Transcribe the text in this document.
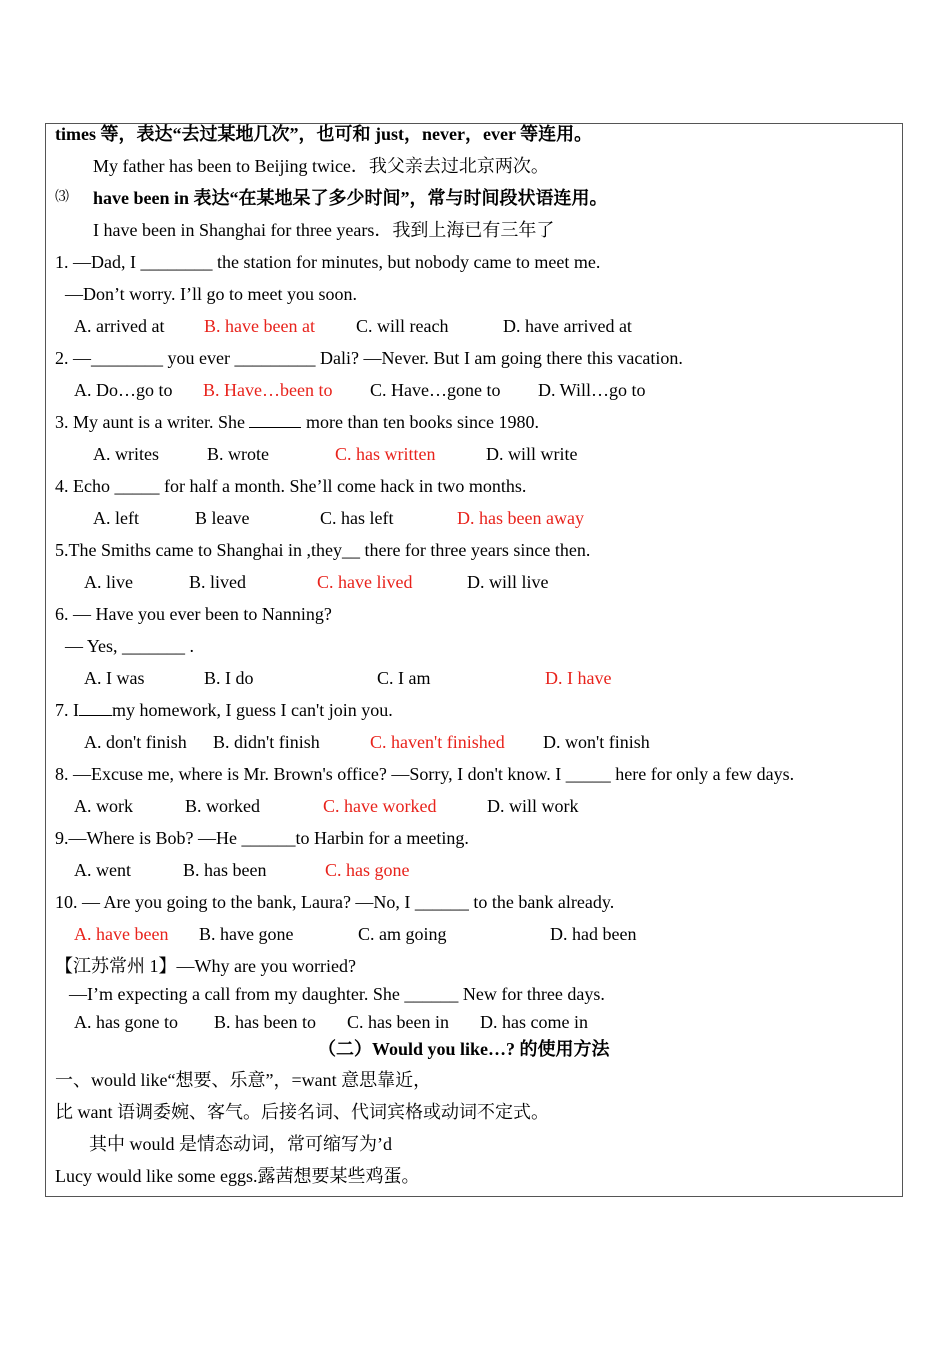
times 等，表达“去过某地几次”，也可和 just，never，ever 等连用。
My father has been to Beijing twice．我父亲去过北京两次。
⑶ have been in 表达“在某地呆了多少时间”，常与时间段状语连用。
I have been in Shanghai for three years．我到上海已有三年了
1. —Dad, I ________ the station for minutes, but nobody came to meet me.
—Don’t worry. I’ll go to meet you soon.
A. arrived at B. have been at C. will reach	D. have arrived at
2. —________ you ever _________ Dali? —Never. But I am going there this vacation.
A. Do…go to B. Have…been to C. Have…gone to D. Will…go to
3. My aunt is a writer. She	more than ten books since 1980.
A. writes	B. wrote	C. has written	D. will write
4. Echo _____ for half a month. She’ll come hack in two months.
A. left	B leave	C. has left	D. has been away
5.The Smiths came to Shanghai in ,they__ there for three years since then.
A. live	B. lived	C. have lived	D. will live
6. — Have you ever been to Nanning?
— Yes, _______ .
A. I was	B. I do	C. I am	D. I have
7. I my homework, I guess I can't join you.
A. don't finish B. didn't finish	C. haven't finished D. won't finish
8. —Excuse me, where is Mr. Brown's office? —Sorry, I don't know. I _____ here for only a few days.
A. work	B. worked	C. have worked	D. will work
9.—Where is Bob? —He ______to Harbin for a meeting.
A. went	B. has been	C. has gone
10. — Are you going to the bank, Laura? —No, I ______ to the bank already.
A. have been B. have gone	C. am going	D. had been
【江苏常州 1】—Why are you worried?
—I’m expecting a call from my daughter. She ______ New for three days.
A. has gone to B. has been to C. has been in D. has come in
（二）Would you like…? 的使用方法
一、would like“想要、乐意”，=want 意思靠近，
比 want 语调委婉、客气。后接名词、代词宾格或动词不定式。
其中 would 是情态动词，常可缩写为’d
Lucy would like some eggs.露茜想要某些鸡蛋。
